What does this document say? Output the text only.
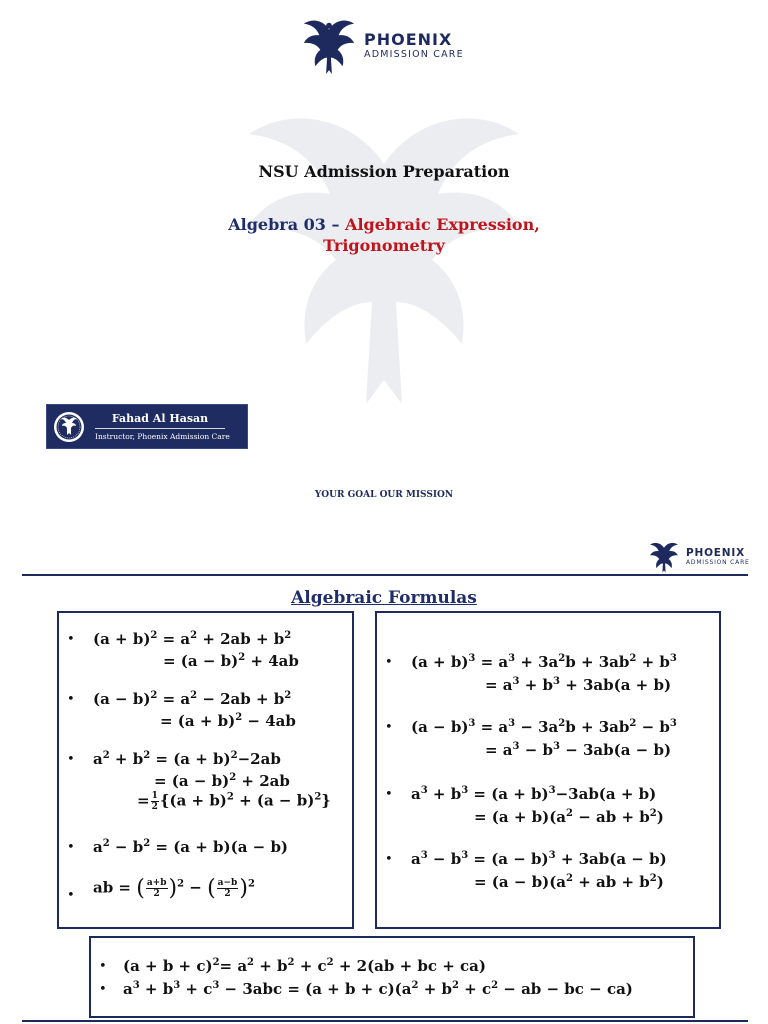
PHOENIX
ADMISSION CARE
NSU Admission Preparation
Algebra 03 – Algebraic Expression,
Trigonometry
Fahad Al Hasan
Instructor, Phoenix Admission Care
YOUR GOAL OUR MISSION
PHOENIX
ADMISSION CARE
Algebraic Formulas
• $(a + b)^2 = a^2 + 2ab + b^2$
= $(a - b)^2 + 4ab$
• $(a - b)^2 = a^2 - 2ab + b^2$
= $(a + b)^2 - 4ab$
• $a^2 + b^2 = (a + b)^2-2ab$
= $(a - b)^2 + 2ab$
= $\frac{1}{2} \{(a + b)^2 + (a - b)^2\}$
• $a^2 - b^2 = (a + b)(a - b)$
• ab = ( $\frac{a+b}{2} )^2$ − ( $\frac{a-b}{2} )^2$
• $(a + b)^3 = a^3 + 3a^2b + 3ab^2 + b^3$
= $a^3 + b^3 + 3ab(a + b)$
• $(a - b)^3 = a^3 - 3a^2b + 3ab^2 - b^3$
= $a^3 - b^3 - 3ab(a - b)$
• $a^3 + b^3 = (a + b)^3-3ab(a + b)$
= $(a + b)(a^2$ − ab + $b^2$)
• $a^3 - b^3 = (a - b)^3 + 3ab(a - b)$
= $(a - b)(a^2$ + ab + $b^2$)
• $(a + b + c)^2= a^2 + b^2 + c^2 + 2(ab$ + bc + ca)
• $a^3 + b^3 + c^3 - 3abc = (a + b + c)(a^2 + b^2 + c^2$ − ab − bc − ca)
